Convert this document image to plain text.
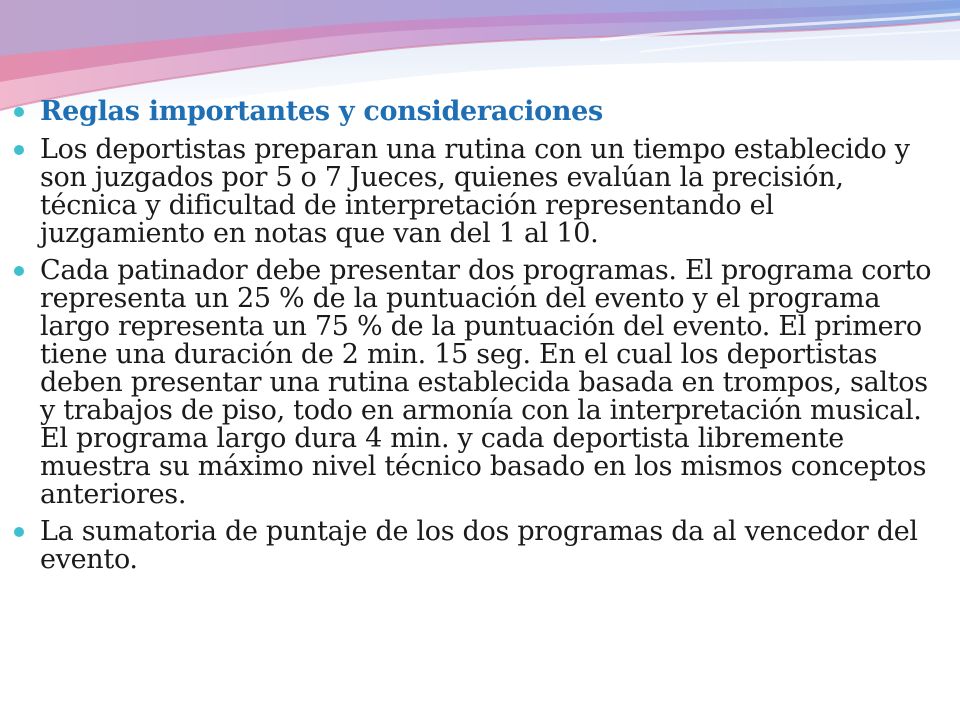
Reglas importantes y consideraciones
Los deportistas preparan una rutina con un tiempo establecido y son juzgados por 5 o 7 Jueces, quienes evalúan la precisión, técnica y dificultad de interpretación representando el juzgamiento en notas que van del 1 al 10.
Cada patinador debe presentar dos programas. El programa corto representa un 25 % de la puntuación del evento y el programa largo representa un 75 % de la puntuación del evento. El primero tiene una duración de 2 min. 15 seg. En el cual los deportistas deben presentar una rutina establecida basada en trompos, saltos y trabajos de piso, todo en armonía con la interpretación musical. El programa largo dura 4 min. y cada deportista libremente muestra su máximo nivel técnico basado en los mismos conceptos anteriores.
La sumatoria de puntaje de los dos programas da al vencedor del evento.
